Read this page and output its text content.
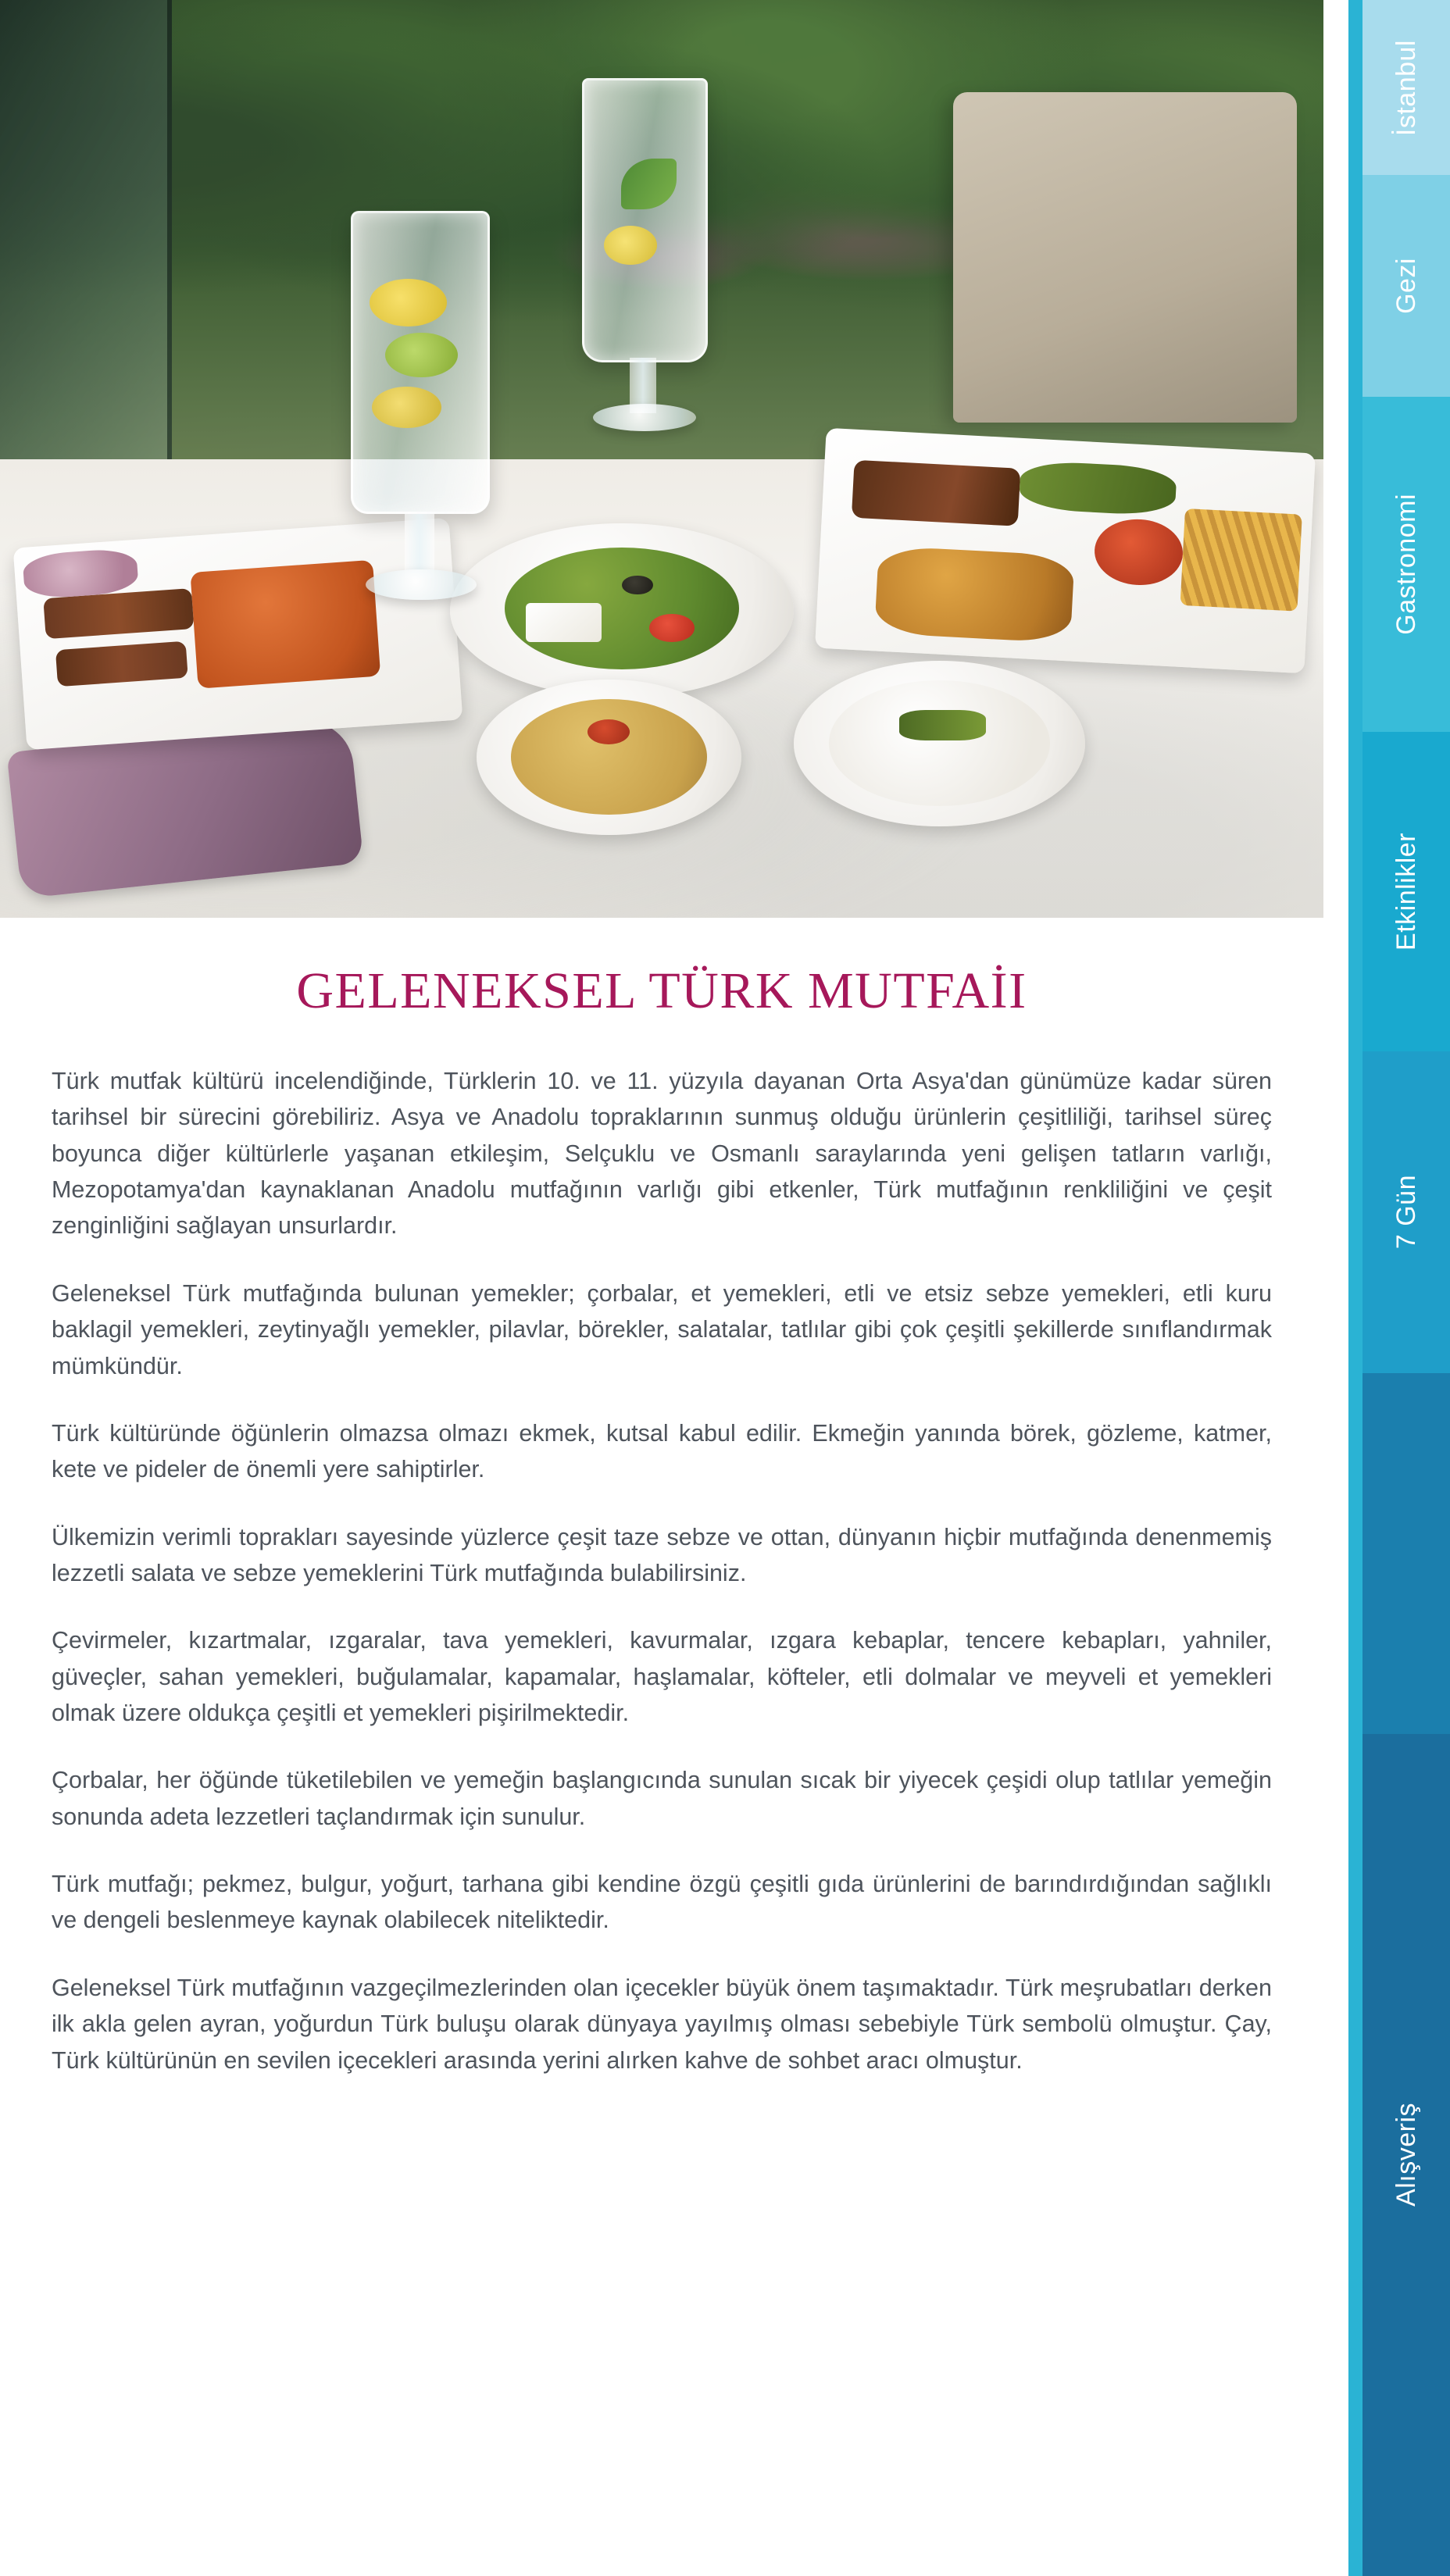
GELENEKSEL TÜRK MUTFAİI

Türk mutfak kültürü incelendiğinde, Türklerin 10. ve 11. yüzyıla dayanan Orta Asya'dan günümüze kadar süren tarihsel bir sürecini görebiliriz. Asya ve Anadolu topraklarının sunmuş olduğu ürünlerin çeşitliliği, tarihsel süreç boyunca diğer kültürlerle yaşanan etkileşim, Selçuklu ve Osmanlı saraylarında yeni gelişen tatların varlığı, Mezopotamya'dan kaynaklanan Anadolu mutfağının varlığı gibi etkenler, Türk mutfağının renkliliğini ve çeşit zenginliğini sağlayan unsurlardır.

Geleneksel Türk mutfağında bulunan yemekler; çorbalar, et yemekleri, etli ve etsiz sebze yemekleri, etli kuru baklagil yemekleri, zeytinyağlı yemekler, pilavlar, börekler, salatalar, tatlılar gibi çok çeşitli şekillerde sınıflandırmak mümkündür.

Türk kültüründe öğünlerin olmazsa olmazı ekmek, kutsal kabul edilir. Ekmeğin yanında börek, gözleme, katmer, kete ve pideler de önemli yere sahiptirler.

Ülkemizin verimli toprakları sayesinde yüzlerce çeşit taze sebze ve ottan, dünyanın hiçbir mutfağında denenmemiş lezzetli salata ve sebze yemeklerini Türk mutfağında bulabilirsiniz.

Çevirmeler, kızartmalar, ızgaralar, tava yemekleri, kavurmalar, ızgara kebaplar, tencere kebapları, yahniler, güveçler, sahan yemekleri, buğulamalar, kapamalar, haşlamalar, köfteler, etli dolmalar ve meyveli et yemekleri olmak üzere oldukça çeşitli et yemekleri pişirilmektedir.

Çorbalar, her öğünde tüketilebilen ve yemeğin başlangıcında sunulan sıcak bir yiyecek çeşidi olup tatlılar yemeğin sonunda adeta lezzetleri taçlandırmak için sunulur.

Türk mutfağı; pekmez, bulgur, yoğurt, tarhana gibi kendine özgü çeşitli gıda ürünlerini de barındırdığından sağlıklı ve dengeli beslenmeye kaynak olabilecek niteliktedir.

Geleneksel Türk mutfağının vazgeçilmezlerinden olan içecekler büyük önem taşımaktadır. Türk meşrubatları derken ilk akla gelen ayran, yoğurdun Türk buluşu olarak dünyaya yayılmış olması sebebiyle Türk sembolü olmuştur. Çay, Türk kültürünün en sevilen içecekleri arasında yerini alırken kahve de sohbet aracı olmuştur.

İstanbul
Gezi
Gastronomi
Etkinlikler
7 Gün
Alışveriş
